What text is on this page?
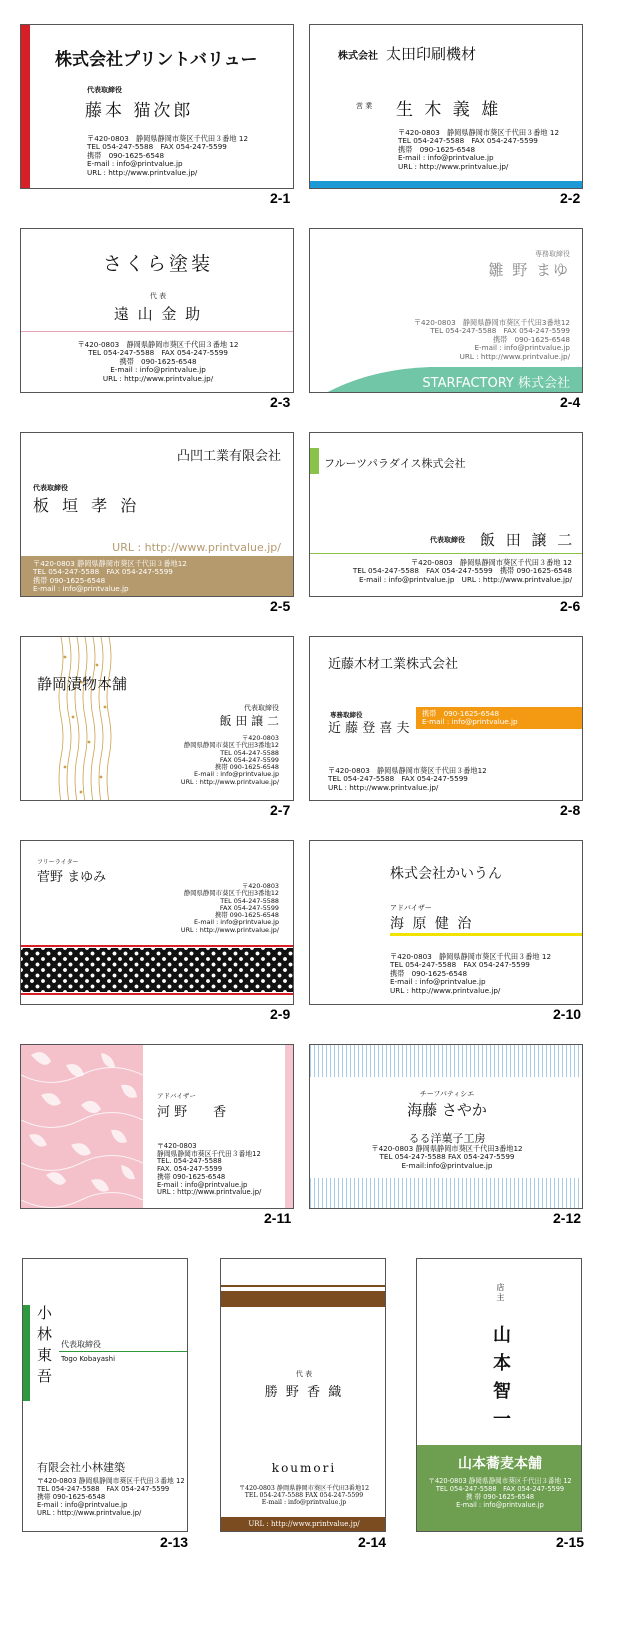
株式会社プリントバリュー
代表取締役
藤本 猫次郎
〒420-0803　静岡県静岡市葵区千代田３番地 12
TEL 054-247-5588　FAX 054-247-5599
携帯　090-1625-6548
E-mail : info@printvalue.jp
URL : http://www.printvalue.jp/
2-1
株式会社 太田印刷機材
営 業 生 木 義 雄
〒420-0803　静岡県静岡市葵区千代田３番地 12
TEL 054-247-5588　FAX 054-247-5599
携帯　090-1625-6548
E-mail : info@printvalue.jp
URL : http://www.printvalue.jp/
2-2
さくら塗装
代 表
遠 山 金 助
〒420-0803　静岡県静岡市葵区千代田３番地 12
TEL 054-247-5588　FAX 054-247-5599
携帯　090-1625-6548
E-mail : info@printvalue.jp
URL : http://www.printvalue.jp/
2-3
専務取締役
雛 野 まゆ
〒420-0803　静岡県静岡市葵区千代田3番地12
TEL 054-247-5588　FAX 054-247-5599
携帯　090-1625-6548
E-mail : info@printvalue.jp
URL : http://www.printvalue.jp/
STARFACTORY 株式会社
2-4
凸凹工業有限会社
代表取締役
板 垣 孝 治
URL : http://www.printvalue.jp/
〒420-0803 静岡県静岡市葵区千代田３番地12
TEL 054-247-5588　FAX 054-247-5599
携帯 090-1625-6548
E-mail : info@printvalue.jp
2-5
フルーツパラダイス株式会社
代表取締役 飯 田 譲 二
〒420-0803　静岡県静岡市葵区千代田３番地 12
TEL 054-247-5588　FAX 054-247-5599　携帯 090-1625-6548
E-mail : info@printvalue.jp　URL : http://www.printvalue.jp/
2-6
静岡漬物本舗
代表取締役
飯 田 譲 二
〒420-0803
静岡県静岡市葵区千代田3番地12
TEL 054-247-5588
FAX 054-247-5599
携帯 090-1625-6548
E-mail : info@printvalue.jp
URL : http://www.printvalue.jp/
2-7
近藤木材工業株式会社
専務取締役
近 藤 登 喜 夫
携帯　090-1625-6548
E-mail : info@printvalue.jp
〒420-0803　静岡県静岡市葵区千代田３番地12
TEL 054-247-5588　FAX 054-247-5599
URL : http://www.printvalue.jp/
2-8
フリーライター
菅野 まゆみ
〒420-0803
静岡県静岡市葵区千代田3番地12
TEL 054-247-5588
FAX 054-247-5599
携帯 090-1625-6548
E-mail : info@printvalue.jp
URL : http://www.printvalue.jp/
2-9
株式会社かいうん
アドバイザー
海 原 健 治
〒420-0803　静岡県静岡市葵区千代田３番地 12
TEL 054-247-5588　FAX 054-247-5599
携帯　090-1625-6548
E-mail : info@printvalue.jp
URL : http://www.printvalue.jp/
2-10
アドバイザー
河 野　　香
〒420-0803
静岡県静岡市葵区千代田３番地12
TEL. 054-247-5588
FAX. 054-247-5599
携帯 090-1625-6548
E-mail : info@printvalue.jp
URL : http://www.printvalue.jp/
2-11
チーフパティシエ
海藤 さやか
るる洋菓子工房
〒420-0803 静岡県静岡市葵区千代田3番地12
TEL 054-247-5588 FAX 054-247-5599
E-mail:info@printvalue.jp
2-12
小林東吾 代表取締役
Togo Kobayashi
有限会社小林建築
〒420-0803 静岡県静岡市葵区千代田３番地 12
TEL 054-247-5588　FAX 054-247-5599
携帯 090-1625-6548
E-mail : info@printvalue.jp
URL : http://www.printvalue.jp/
2-13
代 表
勝 野 香 織
koumori
〒420-0803 静岡県静岡市葵区千代田3番地12
TEL 054-247-5588 FAX 054-247-5599
E-mail : info@printvalue.jp
URL : http://www.printvalue.jp/
2-14
店主
山本智一
山本蕎麦本舗
〒420-0803 静岡県静岡市葵区千代田３番地 12
TEL 054-247-5588　FAX 054-247-5599
携 帯 090-1625-6548
E-mail : info@printvalue.jp
2-15
